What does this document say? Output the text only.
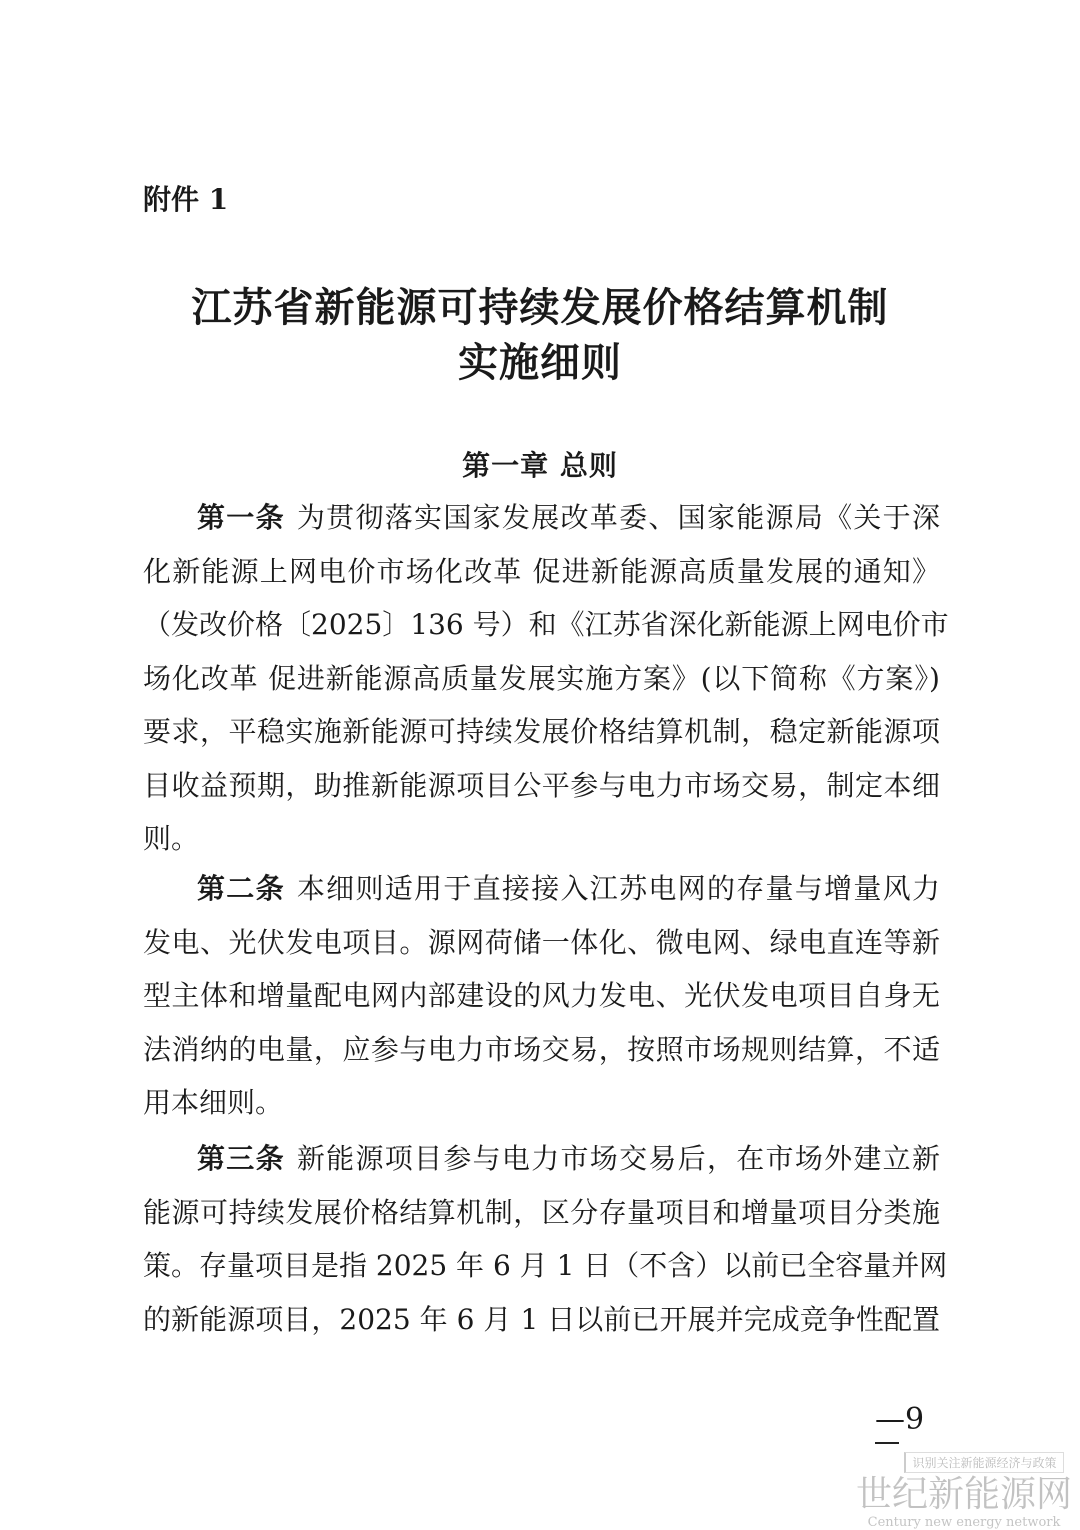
附件 1
江苏省新能源可持续发展价格结算机制
实施细则
第一章 总则
第一条 为贯彻落实国家发展改革委、国家能源局《关于深
化新能源上网电价市场化改革 促进新能源高质量发展的通知》
（发改价格〔2025〕136 号）和《江苏省深化新能源上网电价市
场化改革 促进新能源高质量发展实施方案》(以下简称《方案》)
要求，平稳实施新能源可持续发展价格结算机制，稳定新能源项
目收益预期，助推新能源项目公平参与电力市场交易，制定本细
则。
第二条 本细则适用于直接接入江苏电网的存量与增量风力
发电、光伏发电项目。源网荷储一体化、微电网、绿电直连等新
型主体和增量配电网内部建设的风力发电、光伏发电项目自身无
法消纳的电量，应参与电力市场交易，按照市场规则结算，不适
用本细则。
第三条 新能源项目参与电力市场交易后，在市场外建立新
能源可持续发展价格结算机制，区分存量项目和增量项目分类施
策。存量项目是指 2025 年 6 月 1 日（不含）以前已全容量并网
的新能源项目，2025 年 6 月 1 日以前已开展并完成竞争性配置
—9
识别关注新能源经济与政策
世纪新能源网
Century new energy network
